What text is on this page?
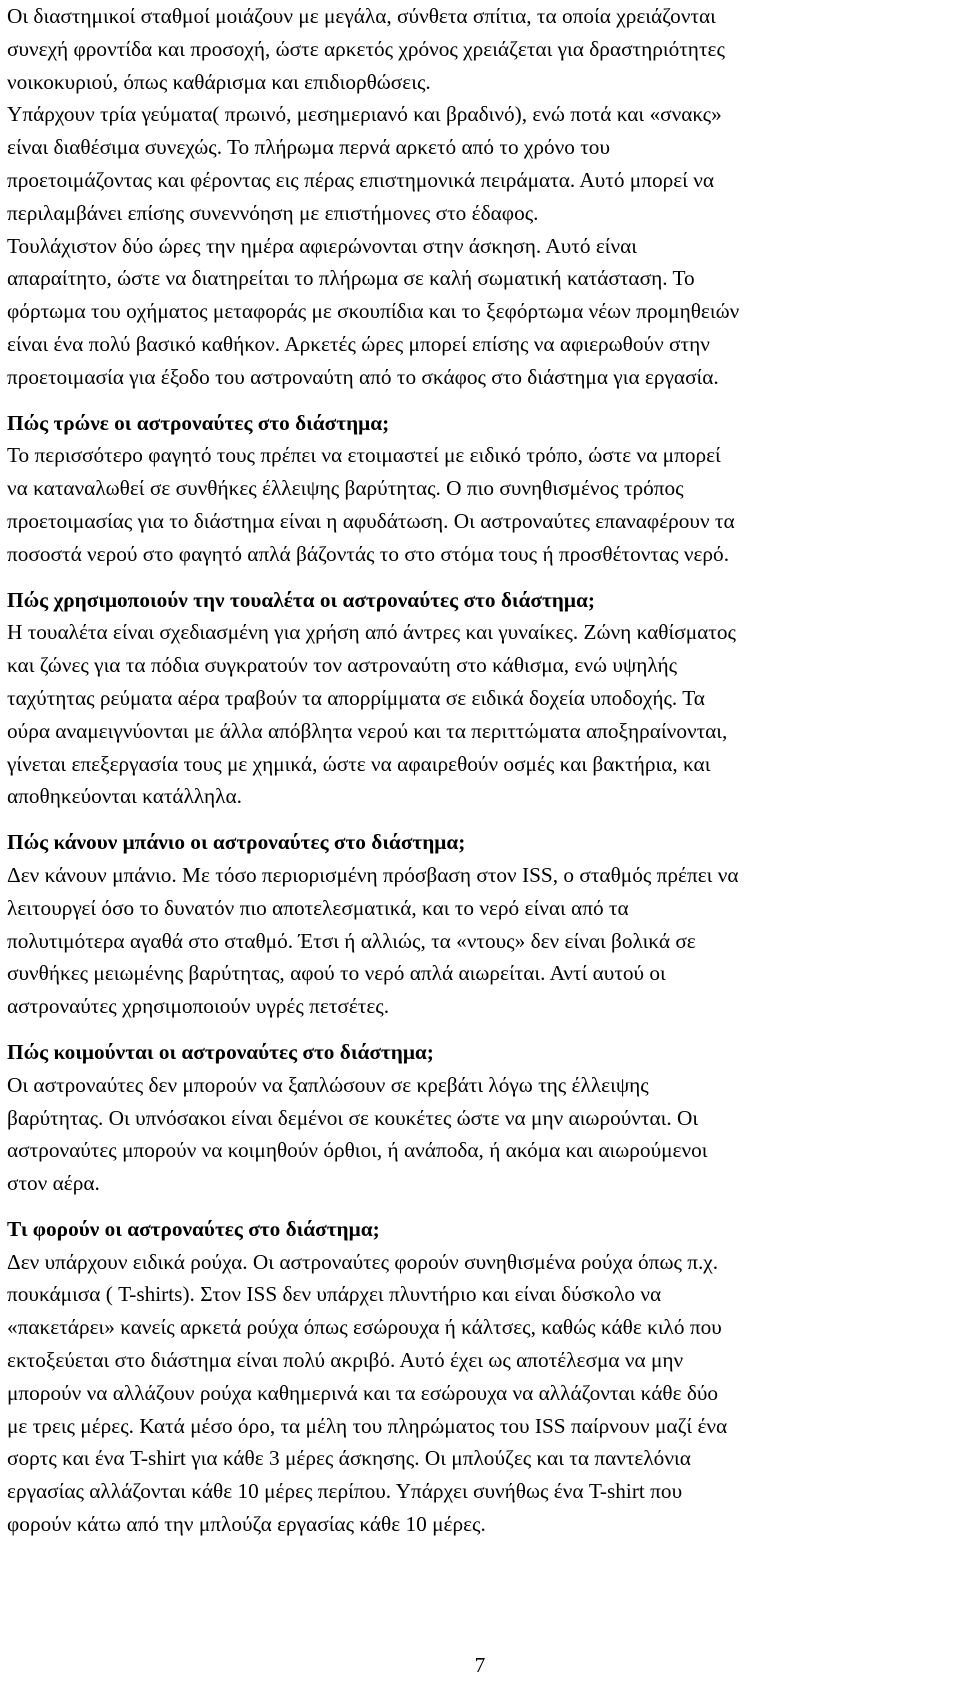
Οι διαστημικοί σταθμοί μοιάζουν με μεγάλα, σύνθετα σπίτια, τα οποία χρειάζονται
συνεχή φροντίδα και προσοχή, ώστε αρκετός χρόνος χρειάζεται για δραστηριότητες
νοικοκυριού, όπως καθάρισμα και επιδιορθώσεις.
Υπάρχουν τρία γεύματα( πρωινό, μεσημεριανό και βραδινό), ενώ ποτά και «σνακς»
είναι διαθέσιμα συνεχώς. Το πλήρωμα περνά αρκετό από το χρόνο του
προετοιμάζοντας και φέροντας εις πέρας επιστημονικά πειράματα. Αυτό μπορεί να
περιλαμβάνει επίσης συνεννόηση με επιστήμονες στο έδαφος.
Τουλάχιστον δύο ώρες την ημέρα αφιερώνονται στην άσκηση. Αυτό είναι
απαραίτητο, ώστε να διατηρείται το πλήρωμα σε καλή σωματική κατάσταση. Το
φόρτωμα του οχήματος μεταφοράς με σκουπίδια και το ξεφόρτωμα νέων προμηθειών
είναι ένα πολύ βασικό καθήκον. Αρκετές ώρες μπορεί επίσης να αφιερωθούν στην
προετοιμασία για έξοδο του αστροναύτη από το σκάφος στο διάστημα για εργασία.

Πώς τρώνε οι αστροναύτες στο διάστημα;

Το περισσότερο φαγητό τους πρέπει να ετοιμαστεί με ειδικό τρόπο, ώστε να μπορεί
να καταναλωθεί σε συνθήκες έλλειψης βαρύτητας. Ο πιο συνηθισμένος τρόπος
προετοιμασίας για το διάστημα είναι η αφυδάτωση. Οι αστροναύτες επαναφέρουν τα
ποσοστά νερού στο φαγητό απλά βάζοντάς το στο στόμα τους ή προσθέτοντας νερό.

Πώς χρησιμοποιούν την τουαλέτα οι αστροναύτες στο διάστημα;

Η τουαλέτα είναι σχεδιασμένη για χρήση από άντρες και γυναίκες. Ζώνη καθίσματος
και ζώνες για τα πόδια συγκρατούν τον αστροναύτη στο κάθισμα, ενώ υψηλής
ταχύτητας ρεύματα αέρα τραβούν τα απορρίμματα σε ειδικά δοχεία υποδοχής. Τα
ούρα αναμειγνύονται με άλλα απόβλητα νερού και τα περιττώματα αποξηραίνονται,
γίνεται επεξεργασία τους με χημικά, ώστε να αφαιρεθούν οσμές και βακτήρια, και
αποθηκεύονται κατάλληλα.

Πώς κάνουν μπάνιο οι αστροναύτες στο διάστημα;

Δεν κάνουν μπάνιο. Με τόσο περιορισμένη πρόσβαση στον ISS, ο σταθμός πρέπει να
λειτουργεί όσο το δυνατόν πιο αποτελεσματικά, και το νερό είναι από τα
πολυτιμότερα αγαθά στο σταθμό. Έτσι ή αλλιώς, τα «ντους» δεν είναι βολικά σε
συνθήκες μειωμένης βαρύτητας, αφού το νερό απλά αιωρείται. Αντί αυτού οι
αστροναύτες χρησιμοποιούν υγρές πετσέτες.

Πώς κοιμούνται οι αστροναύτες στο διάστημα;

Οι αστροναύτες δεν μπορούν να ξαπλώσουν σε κρεβάτι λόγω της έλλειψης
βαρύτητας. Οι υπνόσακοι είναι δεμένοι σε κουκέτες ώστε να μην αιωρούνται. Οι
αστροναύτες μπορούν να κοιμηθούν όρθιοι, ή ανάποδα, ή ακόμα και αιωρούμενοι
στον αέρα.

Τι φορούν οι αστροναύτες στο διάστημα;

Δεν υπάρχουν ειδικά ρούχα. Οι αστροναύτες φορούν συνηθισμένα ρούχα όπως π.χ.
πουκάμισα ( T-shirts). Στον ISS δεν υπάρχει πλυντήριο και είναι δύσκολο να
«πακετάρει» κανείς αρκετά ρούχα όπως εσώρουχα ή κάλτσες, καθώς κάθε κιλό που
εκτοξεύεται στο διάστημα είναι πολύ ακριβό. Αυτό έχει ως αποτέλεσμα να μην
μπορούν να αλλάζουν ρούχα καθημερινά και τα εσώρουχα να αλλάζονται κάθε δύο
με τρεις μέρες. Κατά μέσο όρο, τα μέλη του πληρώματος του ISS παίρνουν μαζί ένα
σορτς και ένα T-shirt για κάθε 3 μέρες άσκησης. Οι μπλούζες και τα παντελόνια
εργασίας αλλάζονται κάθε 10 μέρες περίπου. Υπάρχει συνήθως ένα T-shirt που
φορούν κάτω από την μπλούζα εργασίας κάθε 10 μέρες.

7
